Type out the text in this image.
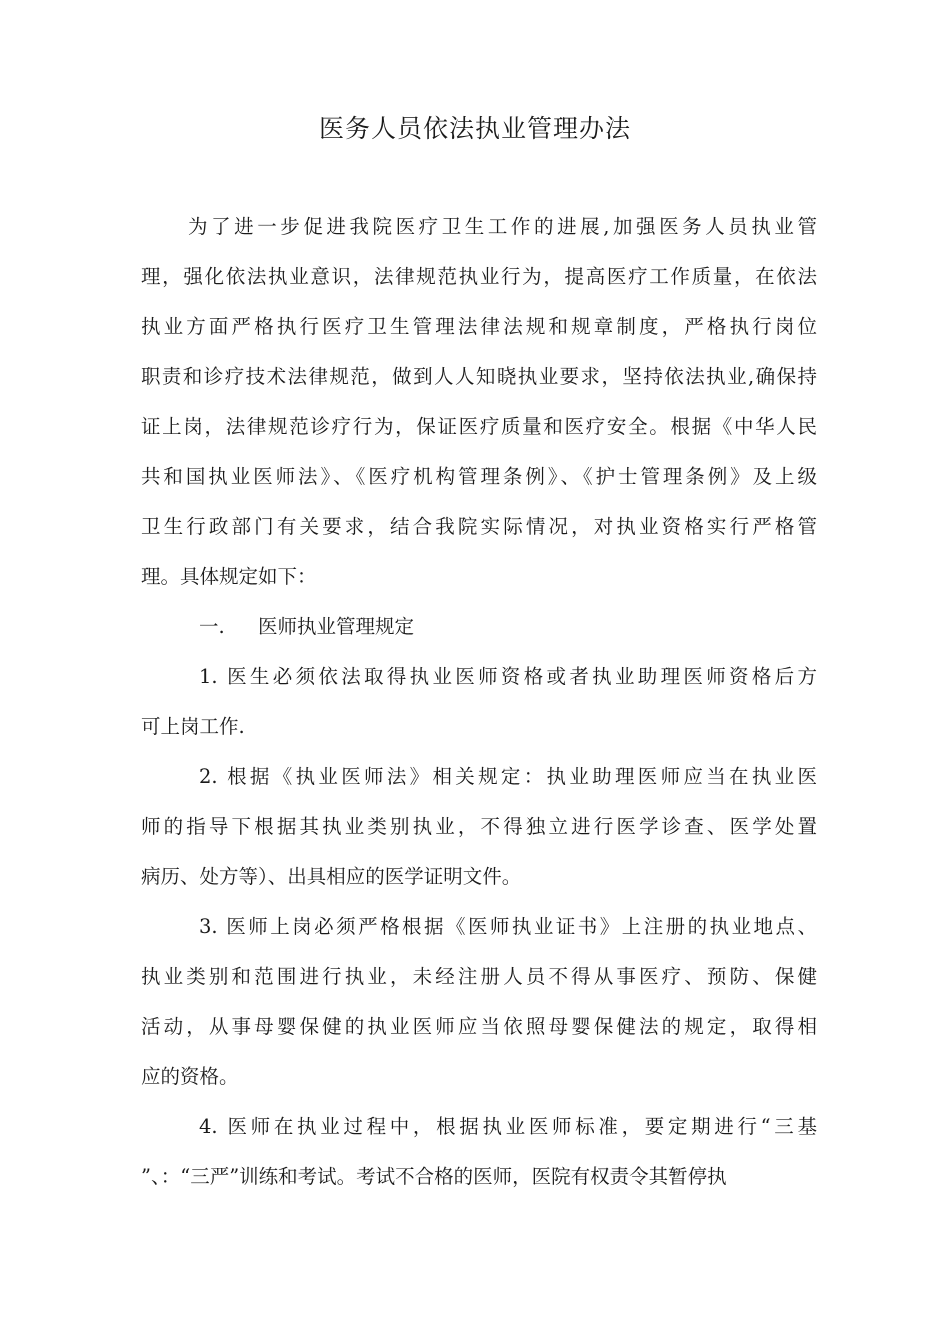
医务人员依法执业管理办法
为了进一步促进我院医疗卫生工作的进展,加强医务人员执业管
理，强化依法执业意识，法律规范执业行为，提高医疗工作质量，在依法
执业方面严格执行医疗卫生管理法律法规和规章制度，严格执行岗位
职责和诊疗技术法律规范，做到人人知晓执业要求，坚持依法执业,确保持
证上岗，法律规范诊疗行为，保证医疗质量和医疗安全。根据《中华人民
共和国执业医师法》、《医疗机构管理条例》、《护士管理条例》及上级
卫生行政部门有关要求，结合我院实际情况，对执业资格实行严格管
理。具体规定如下：
一. 医师执业管理规定
1. 医生必须依法取得执业医师资格或者执业助理医师资格后方
可上岗工作.
2. 根据《执业医师法》相关规定：执业助理医师应当在执业医
师的指导下根据其执业类别执业，不得独立进行医学诊查、医学处置
病历、处方等）、出具相应的医学证明文件。
3. 医师上岗必须严格根据《医师执业证书》上注册的执业地点、
执业类别和范围进行执业，未经注册人员不得从事医疗、预防、保健
活动，从事母婴保健的执业医师应当依照母婴保健法的规定，取得相
应的资格。
4. 医师在执业过程中，根据执业医师标准，要定期进行“三基
”、：“三严”训练和考试。考试不合格的医师，医院有权责令其暂停执
